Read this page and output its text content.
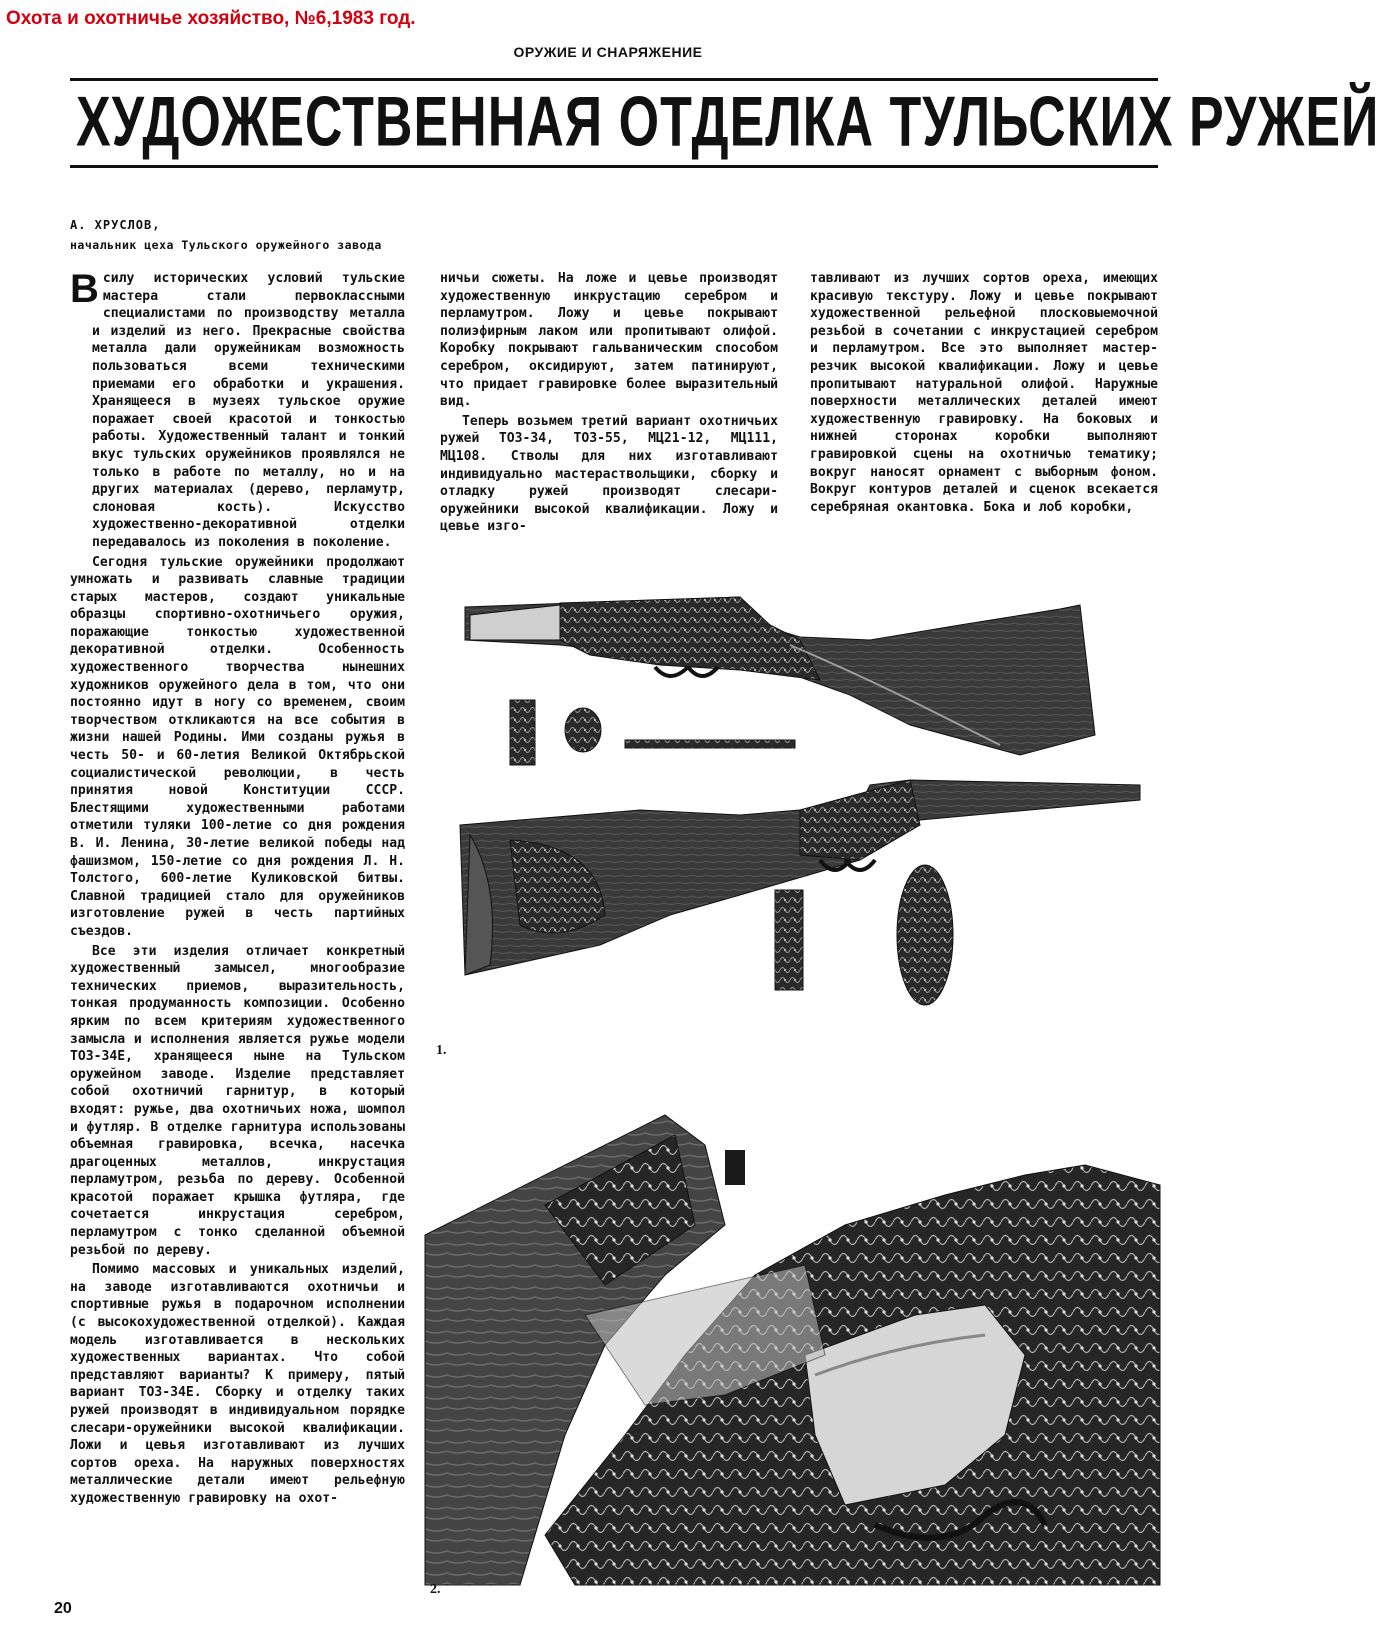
Охота и охотничье хозяйство, №6,1983 год.
ОРУЖИЕ И СНАРЯЖЕНИЕ
ХУДОЖЕСТВЕННАЯ ОТДЕЛКА ТУЛЬСКИХ РУЖЕЙ
А. ХРУСЛОВ,
начальник цеха Тульского оружейного завода

Всилу исторических условий тульские мастера стали первоклассными специалистами по производству металла и изделий из него. Прекрасные свойства металла дали оружейникам возможность пользоваться всеми техническими приемами его обработки и украшения. Хранящееся в музеях тульское оружие поражает своей красотой и тонкостью работы. Художественный талант и тонкий вкус тульских оружейников проявлялся не только в работе по металлу, но и на других материалах (дерево, перламутр, слоновая кость). Искусство художественно-декоративной отделки передавалось из поколения в поколение.

Сегодня тульские оружейники продолжают умножать и развивать славные традиции старых мастеров, создают уникальные образцы спортивно-охотничьего оружия, поражающие тонкостью художественной декоративной отделки. Особенность художественного творчества нынешних художников оружейного дела в том, что они постоянно идут в ногу со временем, своим творчеством откликаются на все события в жизни нашей Родины. Ими созданы ружья в честь 50- и 60-летия Великой Октябрьской социалистической революции, в честь принятия новой Конституции СССР. Блестящими художественными работами отметили туляки 100-летие со дня рождения В. И. Ленина, 30-летие великой победы над фашизмом, 150-летие со дня рождения Л. Н. Толстого, 600-летие Куликовской битвы. Славной традицией стало для оружейников изготовление ружей в честь партийных съездов.

Все эти изделия отличает конкретный художественный замысел, многообразие технических приемов, выразительность, тонкая продуманность композиции. Особенно ярким по всем критериям художественного замысла и исполнения является ружье модели ТОЗ-34Е, хранящееся ныне на Тульском оружейном заводе. Изделие представляет собой охотничий гарнитур, в который входят: ружье, два охотничьих ножа, шомпол и футляр. В отделке гарнитура использованы объемная гравировка, всечка, насечка драгоценных металлов, инкрустация перламутром, резьба по дереву. Особенной красотой поражает крышка футляра, где сочетается инкрустация серебром, перламутром с тонко сделанной объемной резьбой по дереву.

Помимо массовых и уникальных изделий, на заводе изготавливаются охотничьи и спортивные ружья в подарочном исполнении (с высокохудожественной отделкой). Каждая модель изготавливается в нескольких художественных вариантах. Что собой представляют варианты? К примеру, пятый вариант ТОЗ-34Е. Сборку и отделку таких ружей производят в индивидуальном порядке слесари-оружейники высокой квалификации. Ложи и цевья изготавливают из лучших сортов ореха. На наружных поверхностях металлические детали имеют рельефную художественную гравировку на охот-

ничьи сюжеты. На ложе и цевье производят художественную инкрустацию серебром и перламутром. Ложу и цевье покрывают полиэфирным лаком или пропитывают олифой. Коробку покрывают гальваническим способом серебром, оксидируют, затем патинируют, что придает гравировке более выразительный вид.

Теперь возьмем третий вариант охотничьих ружей ТОЗ-34, ТОЗ-55, МЦ21-12, МЦ111, МЦ108. Стволы для них изготавливают индивидуально мастераствольщики, сборку и отладку ружей производят слесари-оружейники высокой квалификации. Ложу и цевье изго-

тавливают из лучших сортов ореха, имеющих красивую текстуру. Ложу и цевье покрывают художественной рельефной плосковыемочной резьбой в сочетании с инкрустацией серебром и перламутром. Все это выполняет мастер-резчик высокой квалификации. Ложу и цевье пропитывают натуральной олифой. Наружные поверхности металлических деталей имеют художественную гравировку. На боковых и нижней сторонах коробки выполняют гравировкой сцены на охотничью тематику; вокруг наносят орнамент с выборным фоном. Вокруг контуров деталей и сценок всекается серебряная окантовка. Бока и лоб коробки,

1.
2.
20
